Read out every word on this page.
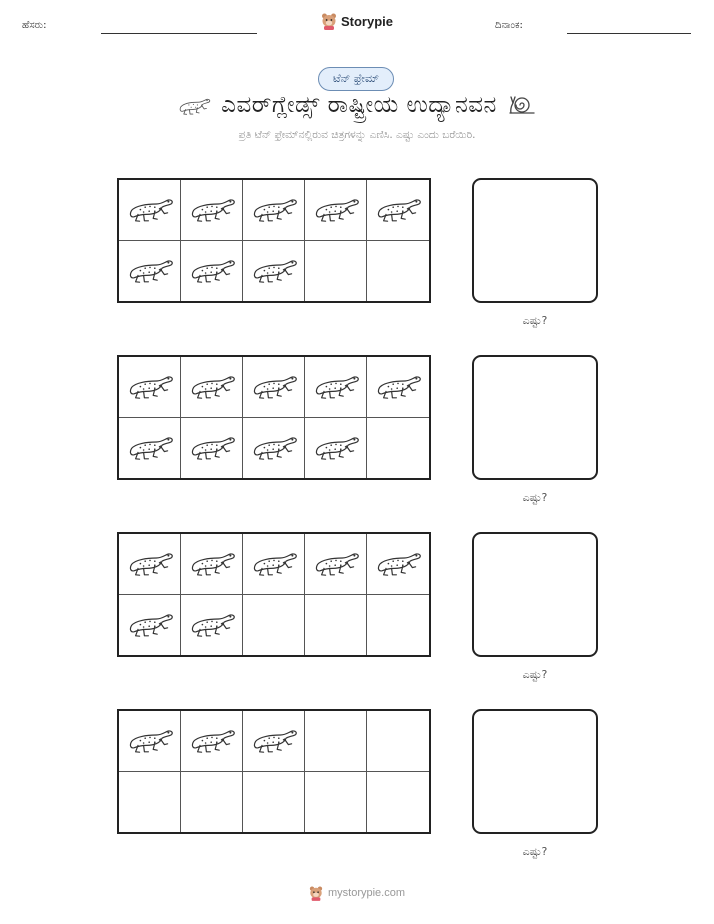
ಹೆಸರು:	Storypie	ದಿನಾಂಕ:
ಟೆನ್ ಫ್ರೇಮ್
ಎವರ್‌ಗ್ಲೇಡ್ಸ್ ರಾಷ್ಟ್ರೀಯ ಉದ್ಯಾನವನ
ಪ್ರತಿ ಟೆನ್ ಫ್ರೇಮ್‌ನಲ್ಲಿರುವ ಚಿತ್ರಗಳನ್ನು ಎಣಿಸಿ. ಎಷ್ಟು ಎಂದು ಬರೆಯಿರಿ.
ಎಷ್ಟು?
ಎಷ್ಟು?
ಎಷ್ಟು?
ಎಷ್ಟು?
mystorypie.com
